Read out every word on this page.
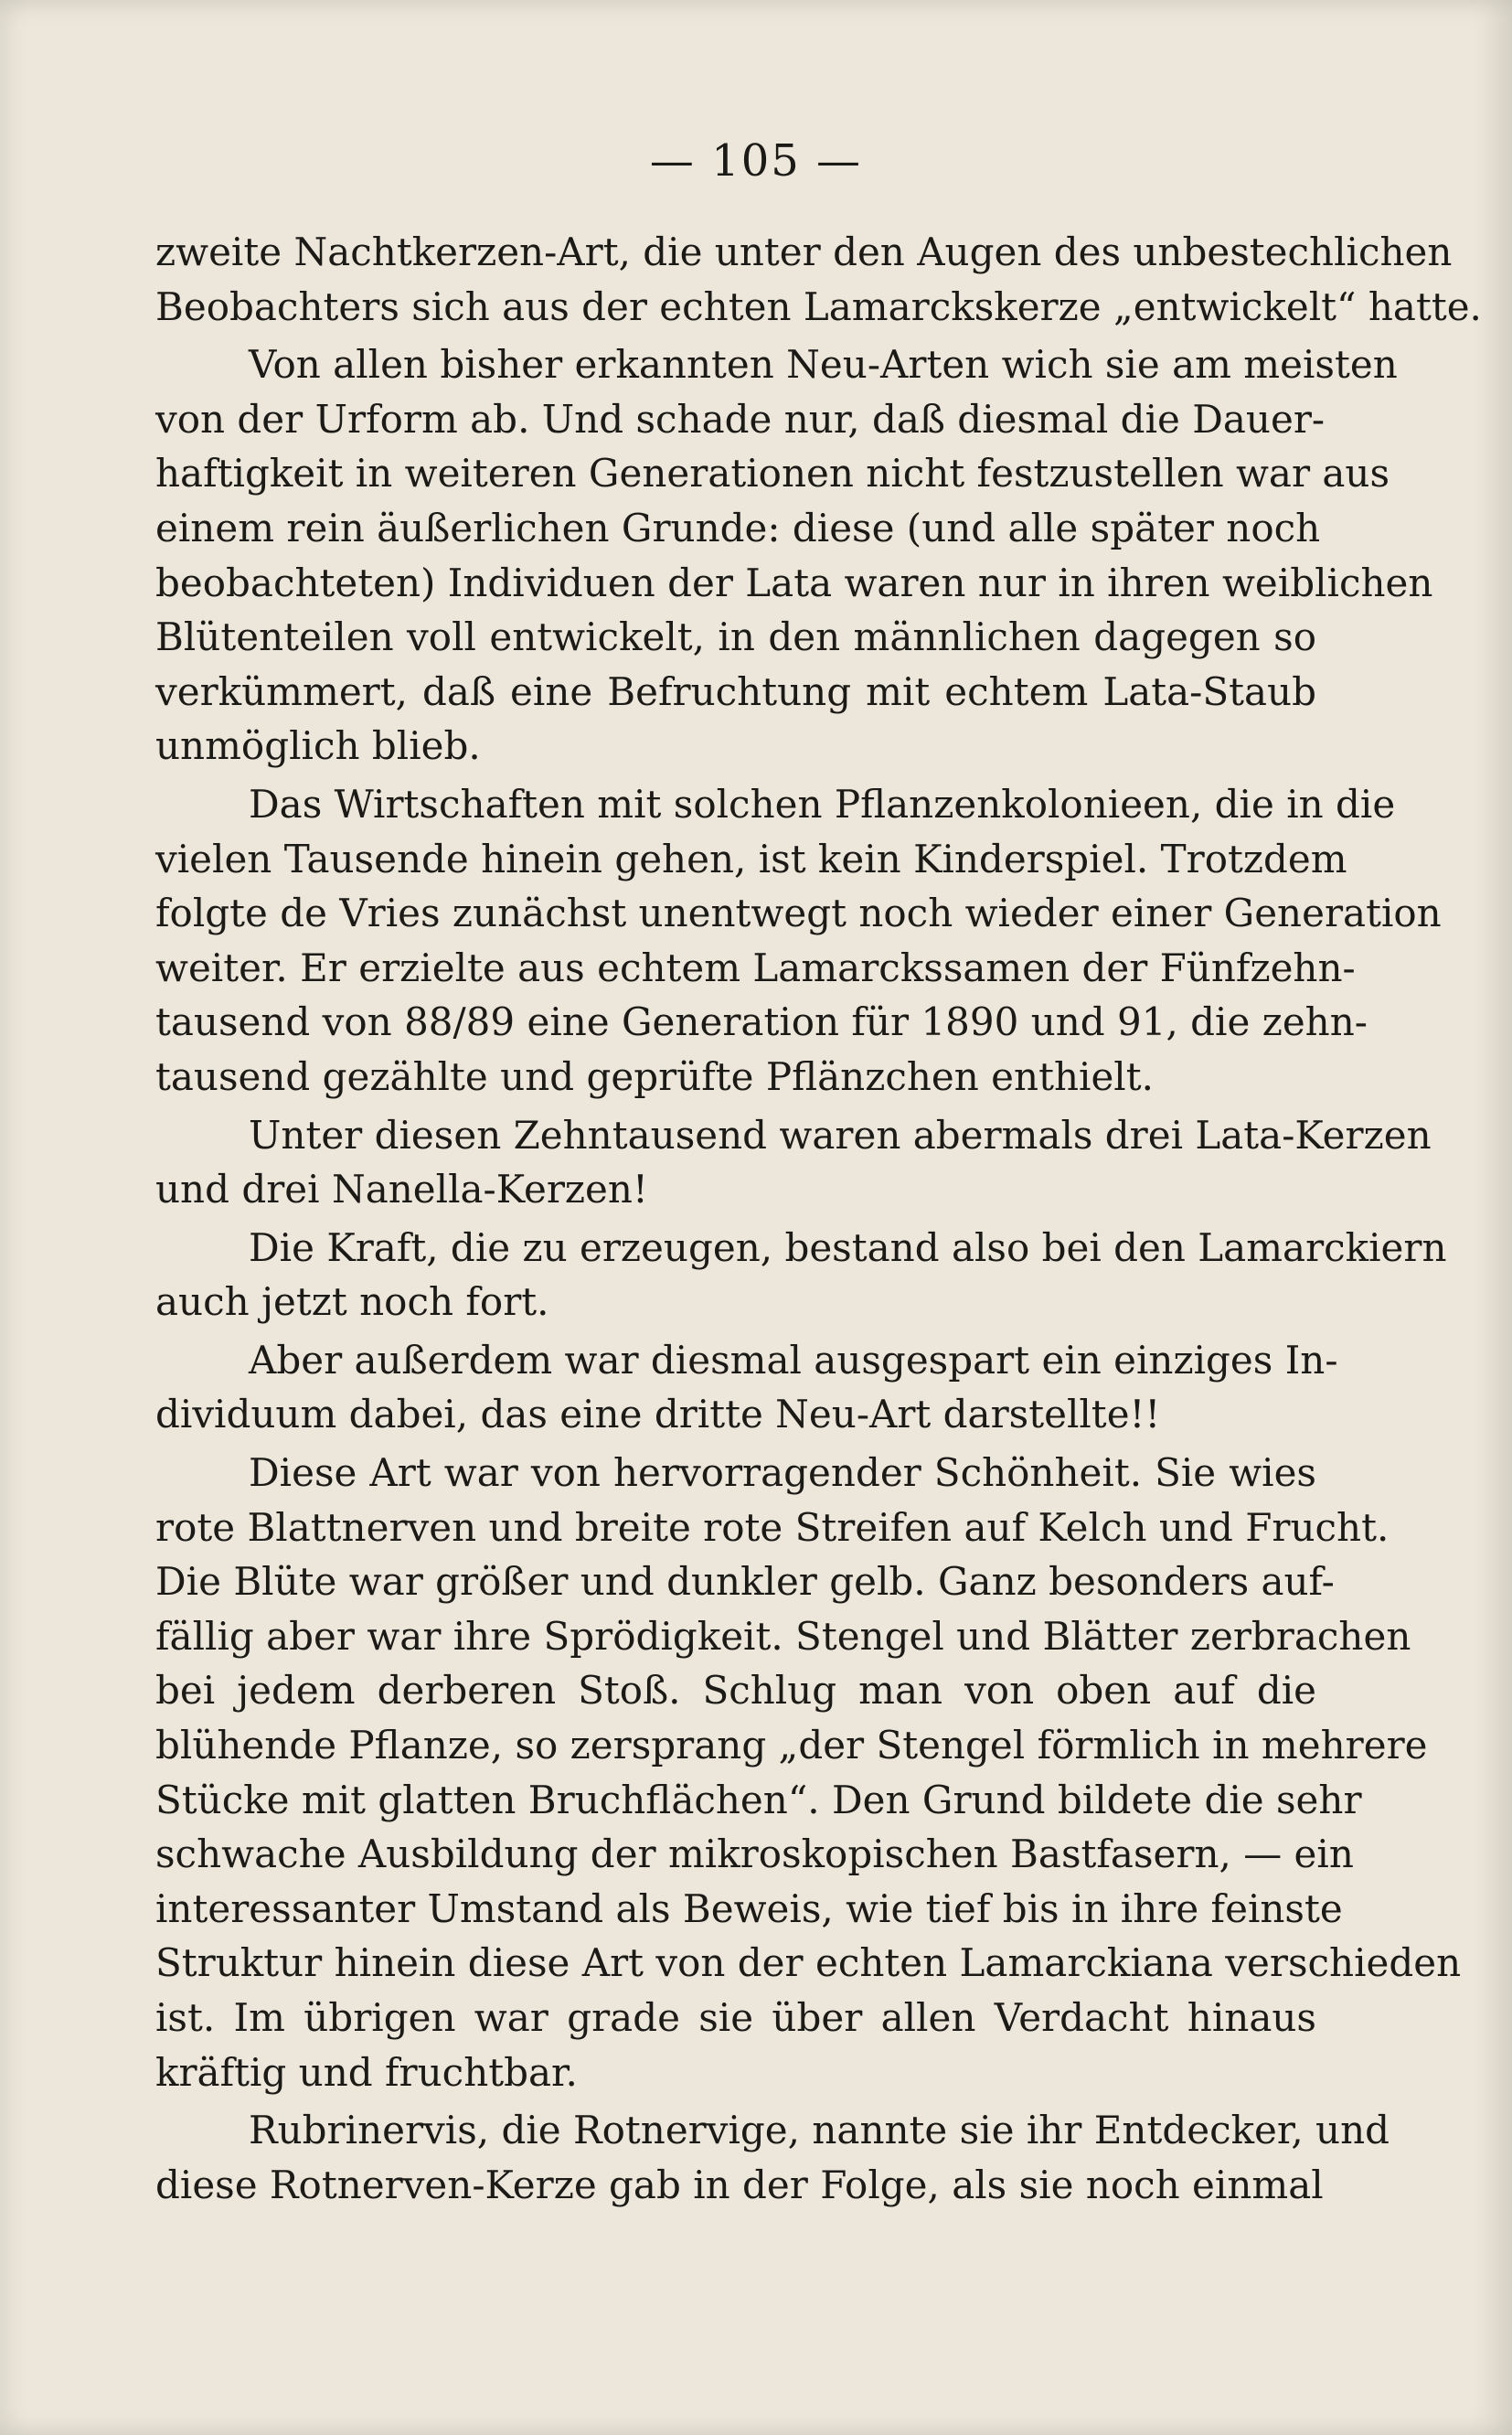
— 105 —
zweite Nachtkerzen-Art, die unter den Augen des unbestechlichen
Beobachters sich aus der echten Lamarckskerze „entwickelt“ hatte.
Von allen bisher erkannten Neu-Arten wich sie am meisten
von der Urform ab. Und schade nur, daß diesmal die Dauer-
haftigkeit in weiteren Generationen nicht festzustellen war aus
einem rein äußerlichen Grunde: diese (und alle später noch
beobachteten) Individuen der Lata waren nur in ihren weiblichen
Blütenteilen voll entwickelt, in den männlichen dagegen so
verkümmert, daß eine Befruchtung mit echtem Lata-Staub
unmöglich blieb.
Das Wirtschaften mit solchen Pflanzenkolonieen, die in die
vielen Tausende hinein gehen, ist kein Kinderspiel. Trotzdem
folgte de Vries zunächst unentwegt noch wieder einer Generation
weiter. Er erzielte aus echtem Lamarckssamen der Fünfzehn-
tausend von 88/89 eine Generation für 1890 und 91, die zehn-
tausend gezählte und geprüfte Pflänzchen enthielt.
Unter diesen Zehntausend waren abermals drei Lata-Kerzen
und drei Nanella-Kerzen!
Die Kraft, die zu erzeugen, bestand also bei den Lamarckiern
auch jetzt noch fort.
Aber außerdem war diesmal ausgespart ein einziges In-
dividuum dabei, das eine dritte Neu-Art darstellte!!
Diese Art war von hervorragender Schönheit. Sie wies
rote Blattnerven und breite rote Streifen auf Kelch und Frucht.
Die Blüte war größer und dunkler gelb. Ganz besonders auf-
fällig aber war ihre Sprödigkeit. Stengel und Blätter zerbrachen
bei jedem derberen Stoß. Schlug man von oben auf die
blühende Pflanze, so zersprang „der Stengel förmlich in mehrere
Stücke mit glatten Bruchflächen“. Den Grund bildete die sehr
schwache Ausbildung der mikroskopischen Bastfasern, — ein
interessanter Umstand als Beweis, wie tief bis in ihre feinste
Struktur hinein diese Art von der echten Lamarckiana verschieden
ist. Im übrigen war grade sie über allen Verdacht hinaus
kräftig und fruchtbar.
Rubrinervis, die Rotnervige, nannte sie ihr Entdecker, und
diese Rotnerven-Kerze gab in der Folge, als sie noch einmal
